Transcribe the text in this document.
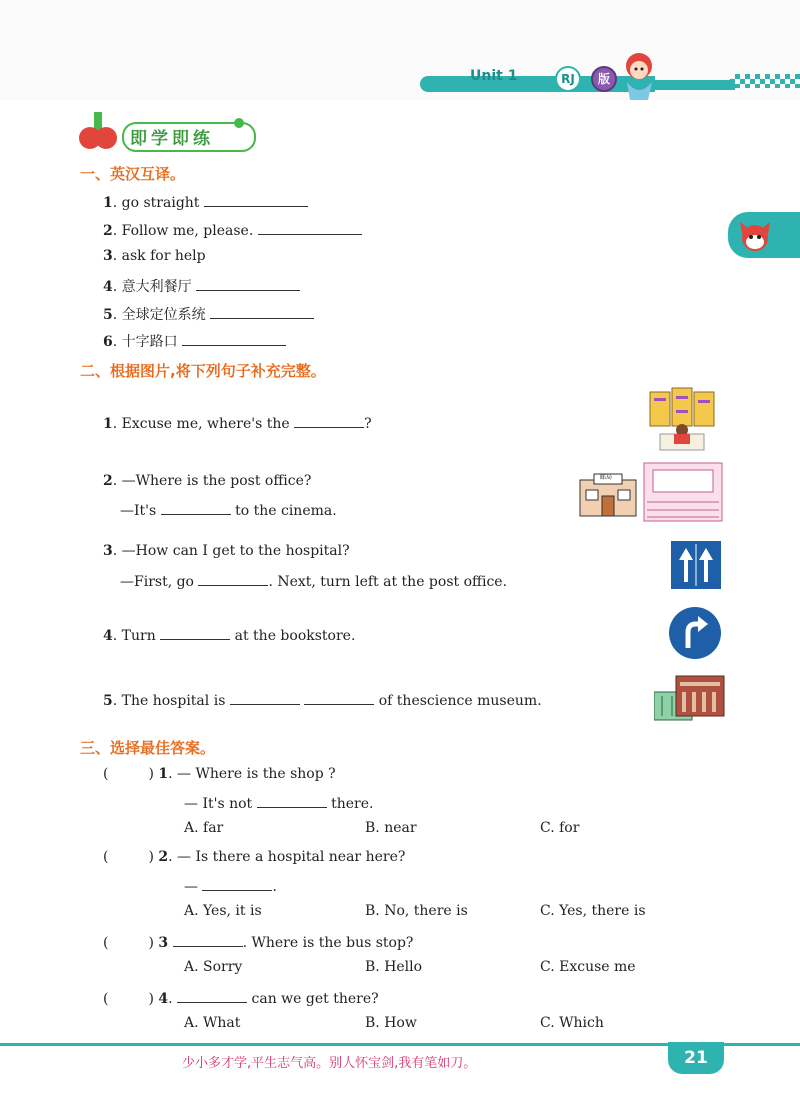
Unit 1	RJ	版
即学即练
一、英汉互译。
1. go straight
2. Follow me, please.
3. ask for help
4. 意大利餐厅
5. 全球定位系统
6. 十字路口
二、根据图片,将下列句子补充完整。
1. Excuse me, where's the	?
2. —Where is the post office?
—It's	to the cinema.
3. —How can I get to the hospital?
—First, go	. Next, turn left at the post office.
4. Turn	at the bookstore.
5. The hospital is	of thescience museum.
邮局
三、选择最佳答案。
(	) 1. — Where is the shop ?
— It's not	there.
A. far	B. near	C. for
(	) 2. — Is there a hospital near here?
—	.
A. Yes, it is	B. No, there is	C. Yes, there is
(	) 3	. Where is the bus stop?
A. Sorry	B. Hello	C. Excuse me
(	) 4.	can we get there?
A. What	B. How	C. Which
少小多才学,平生志气高。别人怀宝剑,我有笔如刀。	21
